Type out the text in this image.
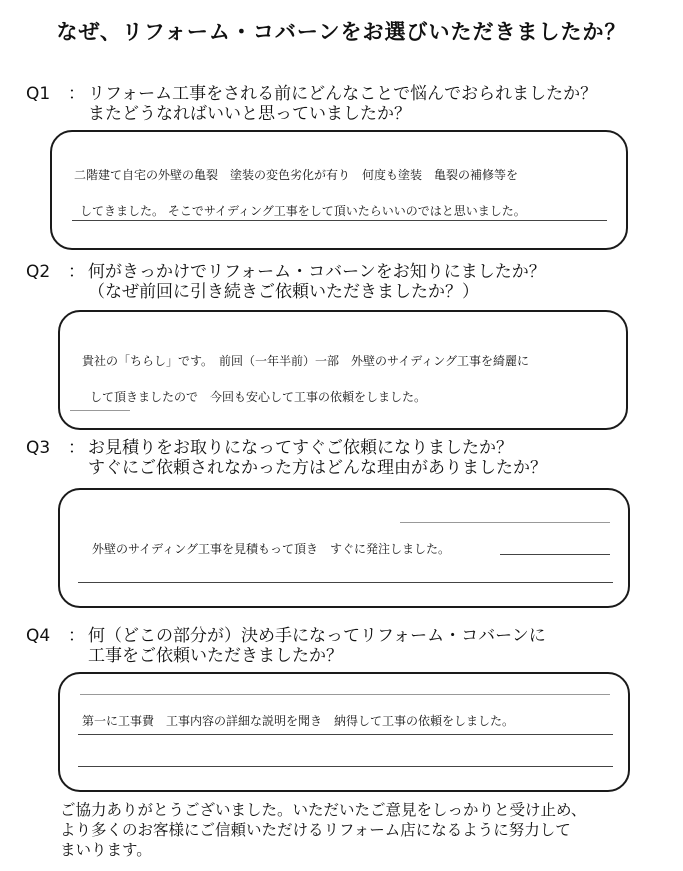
なぜ、リフォーム・コバーンをお選びいただきましたか？
Q1 ： リフォーム工事をされる前にどんなことで悩んでおられましたか？
またどうなればいいと思っていましたか？
二階建て自宅の外壁の亀裂　塗装の変色劣化が有り　何度も塗装　亀裂の補修等を
してきました。 そこでサイディング工事をして頂いたらいいのではと思いました。
Q2 ： 何がきっかけでリフォーム・コバーンをお知りにましたか？
（なぜ前回に引き続きご依頼いただきましたか？）
貴社の「ちらし」です。　前回（一年半前）一部　外壁のサイディング工事を綺麗に
して頂きましたので　今回も安心して工事の依頼をしました。
Q3 ： お見積りをお取りになってすぐご依頼になりましたか？
すぐにご依頼されなかった方はどんな理由がありましたか？
外壁のサイディング工事を見積もって頂き　すぐに発注しました。
Q4 ： 何（どこの部分が）決め手になってリフォーム・コバーンに
工事をご依頼いただきましたか？
第一に工事費　工事内容の詳細な説明を聞き　納得して工事の依頼をしました。
ご協力ありがとうございました。いただいたご意見をしっかりと受け止め、
より多くのお客様にご信頼いただけるリフォーム店になるように努力して
まいります。
